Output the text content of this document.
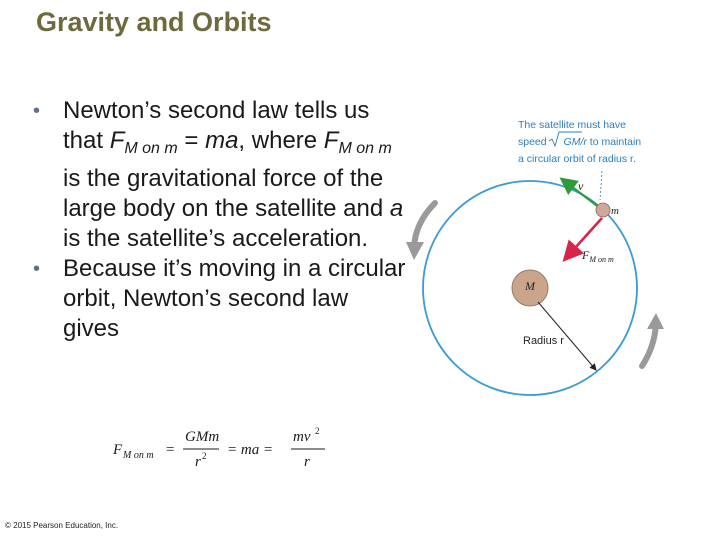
Gravity and Orbits
• Newton’s second law tells us that $F_{M on m}$ = ma, where $F_{M on m}$ is the gravitational force of the large body on the satellite and a is the satellite’s acceleration.
• Because it’s moving in a circular orbit, Newton’s second law gives
F M on m =
GMm
r 2 = ma =
mv 2
r
The satellite must have
speed GM/r to maintain
a circular orbit of radius r.
v
m
$F_{M on m}$
M
Radius r
© 2015 Pearson Education, Inc.
